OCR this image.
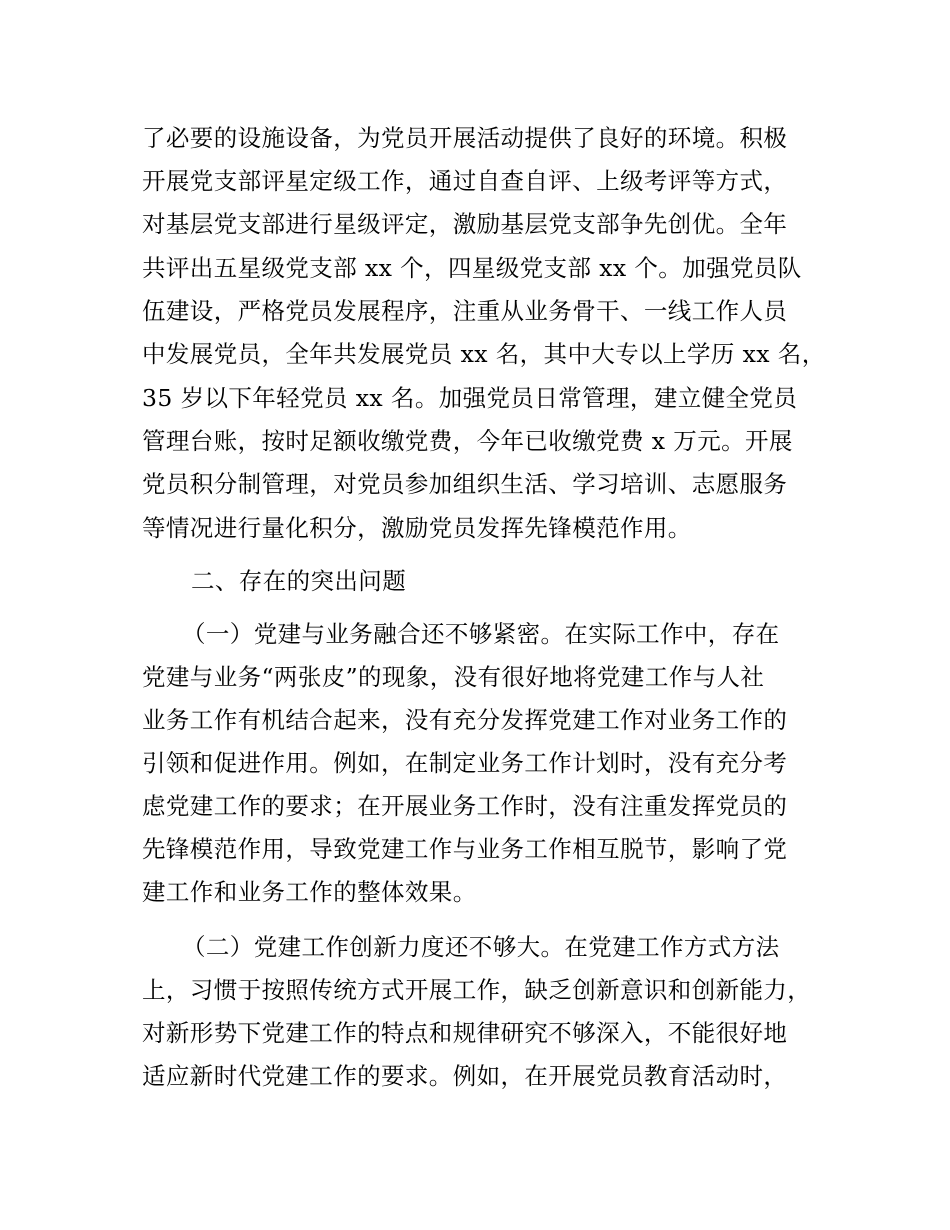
了必要的设施设备，为党员开展活动提供了良好的环境。积极
开展党支部评星定级工作，通过自查自评、上级考评等方式，
对基层党支部进行星级评定，激励基层党支部争先创优。全年
共评出五星级党支部 xx 个，四星级党支部 xx 个。加强党员队
伍建设，严格党员发展程序，注重从业务骨干、一线工作人员
中发展党员，全年共发展党员 xx 名，其中大专以上学历 xx 名，
35 岁以下年轻党员 xx 名。加强党员日常管理，建立健全党员
管理台账，按时足额收缴党费，今年已收缴党费 x 万元。开展
党员积分制管理，对党员参加组织生活、学习培训、志愿服务
等情况进行量化积分，激励党员发挥先锋模范作用。
二、存在的突出问题
（一）党建与业务融合还不够紧密。在实际工作中，存在
党建与业务“两张皮”的现象，没有很好地将党建工作与人社
业务工作有机结合起来，没有充分发挥党建工作对业务工作的
引领和促进作用。例如，在制定业务工作计划时，没有充分考
虑党建工作的要求；在开展业务工作时，没有注重发挥党员的
先锋模范作用，导致党建工作与业务工作相互脱节，影响了党
建工作和业务工作的整体效果。
（二）党建工作创新力度还不够大。在党建工作方式方法
上，习惯于按照传统方式开展工作，缺乏创新意识和创新能力，
对新形势下党建工作的特点和规律研究不够深入，不能很好地
适应新时代党建工作的要求。例如，在开展党员教育活动时，
